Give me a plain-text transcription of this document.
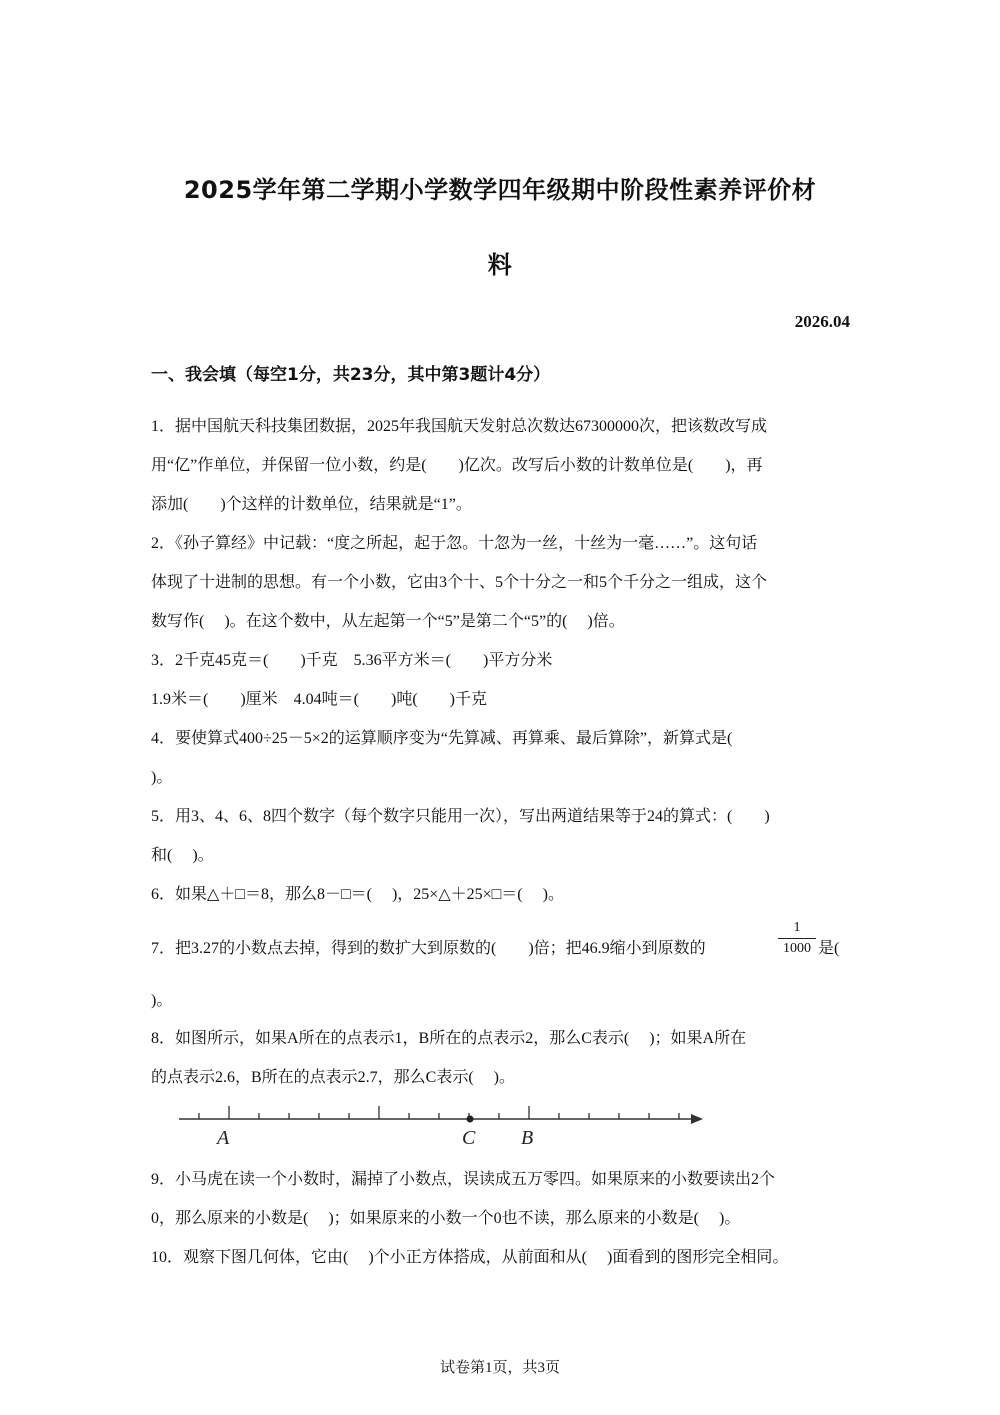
2025学年第二学期小学数学四年级期中阶段性素养评价材
料
2026.04
一、我会填（每空1分，共23分，其中第3题计4分）
1．据中国航天科技集团数据，2025年我国航天发射总次数达67300000次，把该数改写成
用“亿”作单位，并保留一位小数，约是(　　)亿次。改写后小数的计数单位是(　　)，再
添加(　　)个这样的计数单位，结果就是“1”。
2．《孙子算经》中记载：“度之所起，起于忽。十忽为一丝，十丝为一毫……”。这句话
体现了十进制的思想。有一个小数，它由3个十、5个十分之一和5个千分之一组成，这个
数写作(　 )。在这个数中，从左起第一个“5”是第二个“5”的(　 )倍。
3．2千克45克＝(　　)千克　5.36平方米＝(　　)平方分米
1.9米＝(　　)厘米　4.04吨＝(　　)吨(　　)千克
4．要使算式400÷25－5×2的运算顺序变为“先算减、再算乘、最后算除”，新算式是(
)。
5．用3、4、6、8四个数字（每个数字只能用一次），写出两道结果等于24的算式：(　　)
和(　 )。
6．如果△＋□＝8，那么8－□＝(　 )，25×△＋25×□＝(　 )。
7．把3.27的小数点去掉，得到的数扩大到原数的(　　)倍；把46.9缩小到原数的
1
1000 是(
)。
8．如图所示，如果A所在的点表示1，B所在的点表示2，那么C表示(　 )；如果A所在
的点表示2.6，B所在的点表示2.7，那么C表示(　 )。
A	C B
9．小马虎在读一个小数时，漏掉了小数点，误读成五万零四。如果原来的小数要读出2个
0，那么原来的小数是(　 )；如果原来的小数一个0也不读，那么原来的小数是(　 )。
10．观察下图几何体，它由(　 )个小正方体搭成，从前面和从(　 )面看到的图形完全相同。
试卷第1页，共3页
